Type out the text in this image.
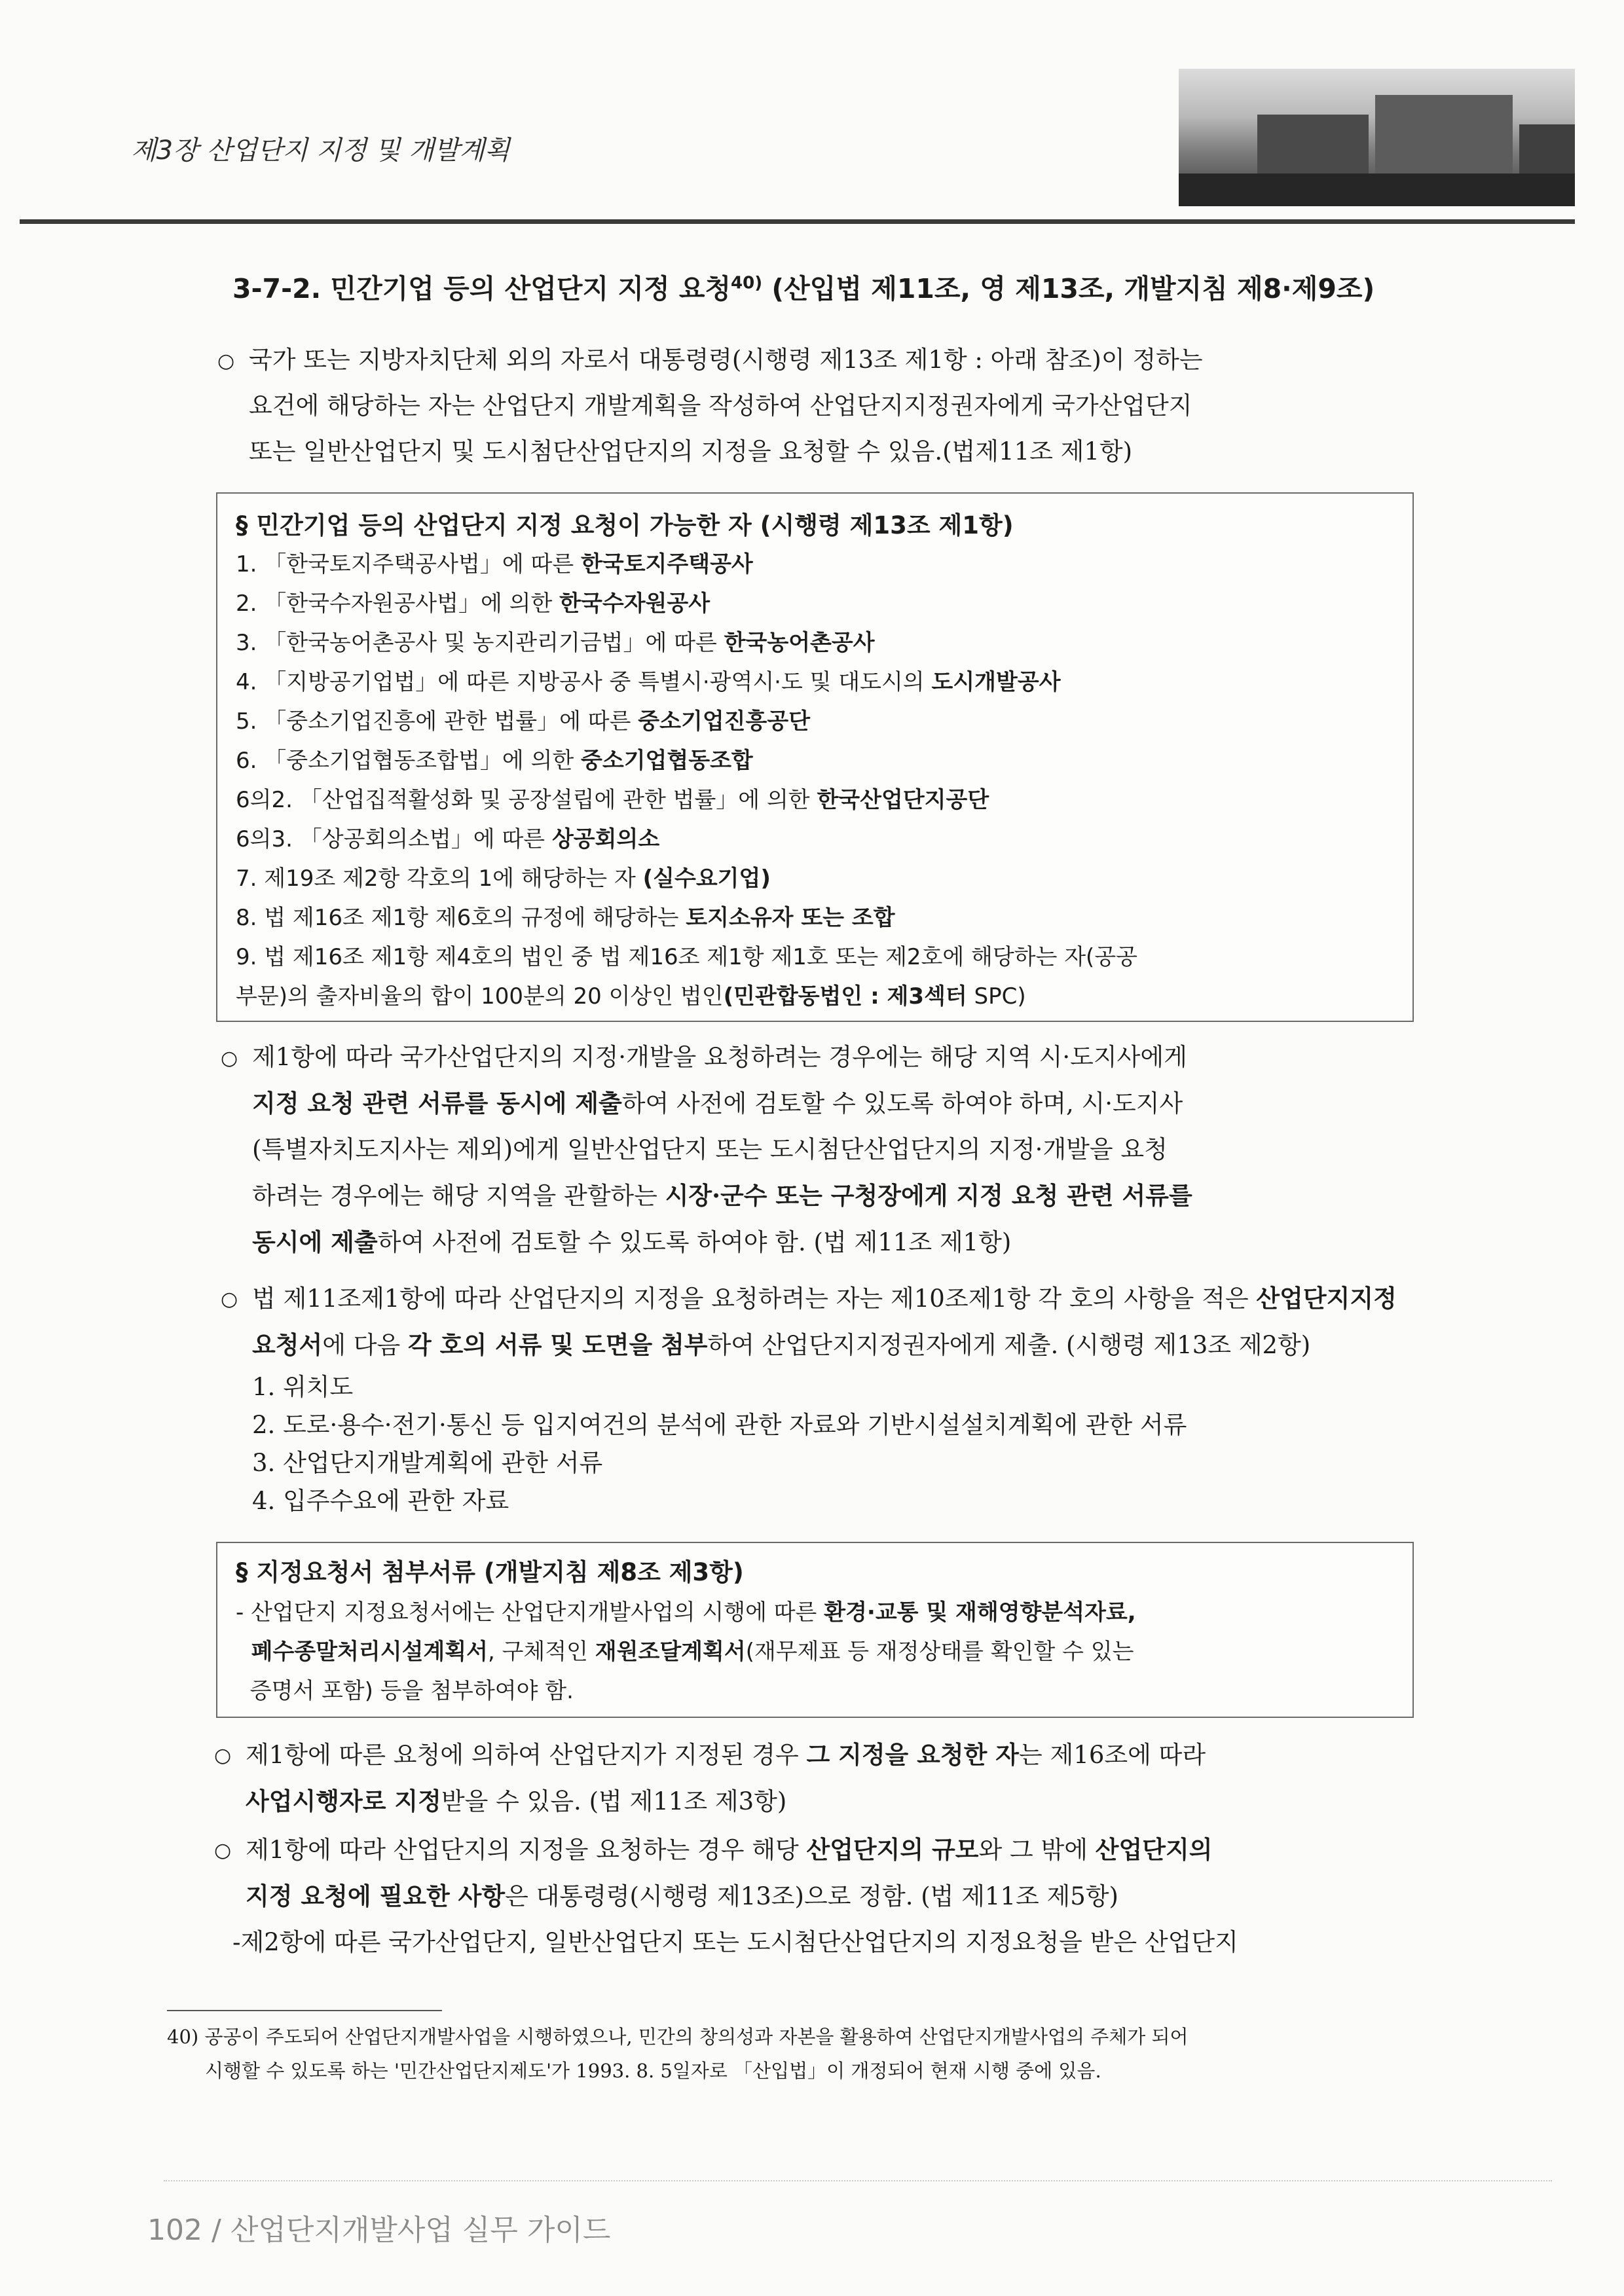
제3장 산업단지 지정 및 개발계획
3-7-2. 민간기업 등의 산업단지 지정 요청$^{40)}$ (산입법 제11조, 영 제13조, 개발지침 제8·제9조)
○ 국가 또는 지방자치단체 외의 자로서 대통령령(시행령 제13조 제1항 : 아래 참조)이 정하는
요건에 해당하는 자는 산업단지 개발계획을 작성하여 산업단지지정권자에게 국가산업단지
또는 일반산업단지 및 도시첨단산업단지의 지정을 요청할 수 있음.(법제11조 제1항)
§ 민간기업 등의 산업단지 지정 요청이 가능한 자 (시행령 제13조 제1항)
1. 「한국토지주택공사법」에 따른 한국토지주택공사
2. 「한국수자원공사법」에 의한 한국수자원공사
3. 「한국농어촌공사 및 농지관리기금법」에 따른 한국농어촌공사
4. 「지방공기업법」에 따른 지방공사 중 특별시·광역시·도 및 대도시의 도시개발공사
5. 「중소기업진흥에 관한 법률」에 따른 중소기업진흥공단
6. 「중소기업협동조합법」에 의한 중소기업협동조합
6의2. 「산업집적활성화 및 공장설립에 관한 법률」에 의한 한국산업단지공단
6의3. 「상공회의소법」에 따른 상공회의소
7. 제19조 제2항 각호의 1에 해당하는 자 (실수요기업)
8. 법 제16조 제1항 제6호의 규정에 해당하는 토지소유자 또는 조합
9. 법 제16조 제1항 제4호의 법인 중 법 제16조 제1항 제1호 또는 제2호에 해당하는 자(공공
부문)의 출자비율의 합이 100분의 20 이상인 법인(민관합동법인 : 제3섹터 SPC)
○ 제1항에 따라 국가산업단지의 지정·개발을 요청하려는 경우에는 해당 지역 시·도지사에게
지정 요청 관련 서류를 동시에 제출하여 사전에 검토할 수 있도록 하여야 하며, 시·도지사
(특별자치도지사는 제외)에게 일반산업단지 또는 도시첨단산업단지의 지정·개발을 요청
하려는 경우에는 해당 지역을 관할하는 시장·군수 또는 구청장에게 지정 요청 관련 서류를
동시에 제출하여 사전에 검토할 수 있도록 하여야 함. (법 제11조 제1항)
○ 법 제11조제1항에 따라 산업단지의 지정을 요청하려는 자는 제10조제1항 각 호의 사항을 적은 산업단지지정
요청서에 다음 각 호의 서류 및 도면을 첨부하여 산업단지지정권자에게 제출. (시행령 제13조 제2항)
1. 위치도
2. 도로·용수·전기·통신 등 입지여건의 분석에 관한 자료와 기반시설설치계획에 관한 서류
3. 산업단지개발계획에 관한 서류
4. 입주수요에 관한 자료
§ 지정요청서 첨부서류 (개발지침 제8조 제3항)
- 산업단지 지정요청서에는 산업단지개발사업의 시행에 따른 환경·교통 및 재해영향분석자료,
폐수종말처리시설계획서, 구체적인 재원조달계획서(재무제표 등 재정상태를 확인할 수 있는
증명서 포함) 등을 첨부하여야 함.
○ 제1항에 따른 요청에 의하여 산업단지가 지정된 경우 그 지정을 요청한 자는 제16조에 따라
사업시행자로 지정받을 수 있음. (법 제11조 제3항)
○ 제1항에 따라 산업단지의 지정을 요청하는 경우 해당 산업단지의 규모와 그 밖에 산업단지의
지정 요청에 필요한 사항은 대통령령(시행령 제13조)으로 정함. (법 제11조 제5항)
-제2항에 따른 국가산업단지, 일반산업단지 또는 도시첨단산업단지의 지정요청을 받은 산업단지
40) 공공이 주도되어 산업단지개발사업을 시행하였으나, 민간의 창의성과 자본을 활용하여 산업단지개발사업의 주체가 되어
시행할 수 있도록 하는 '민간산업단지제도'가 1993. 8. 5일자로 「산입법」이 개정되어 현재 시행 중에 있음.
102 / 산업단지개발사업 실무 가이드
